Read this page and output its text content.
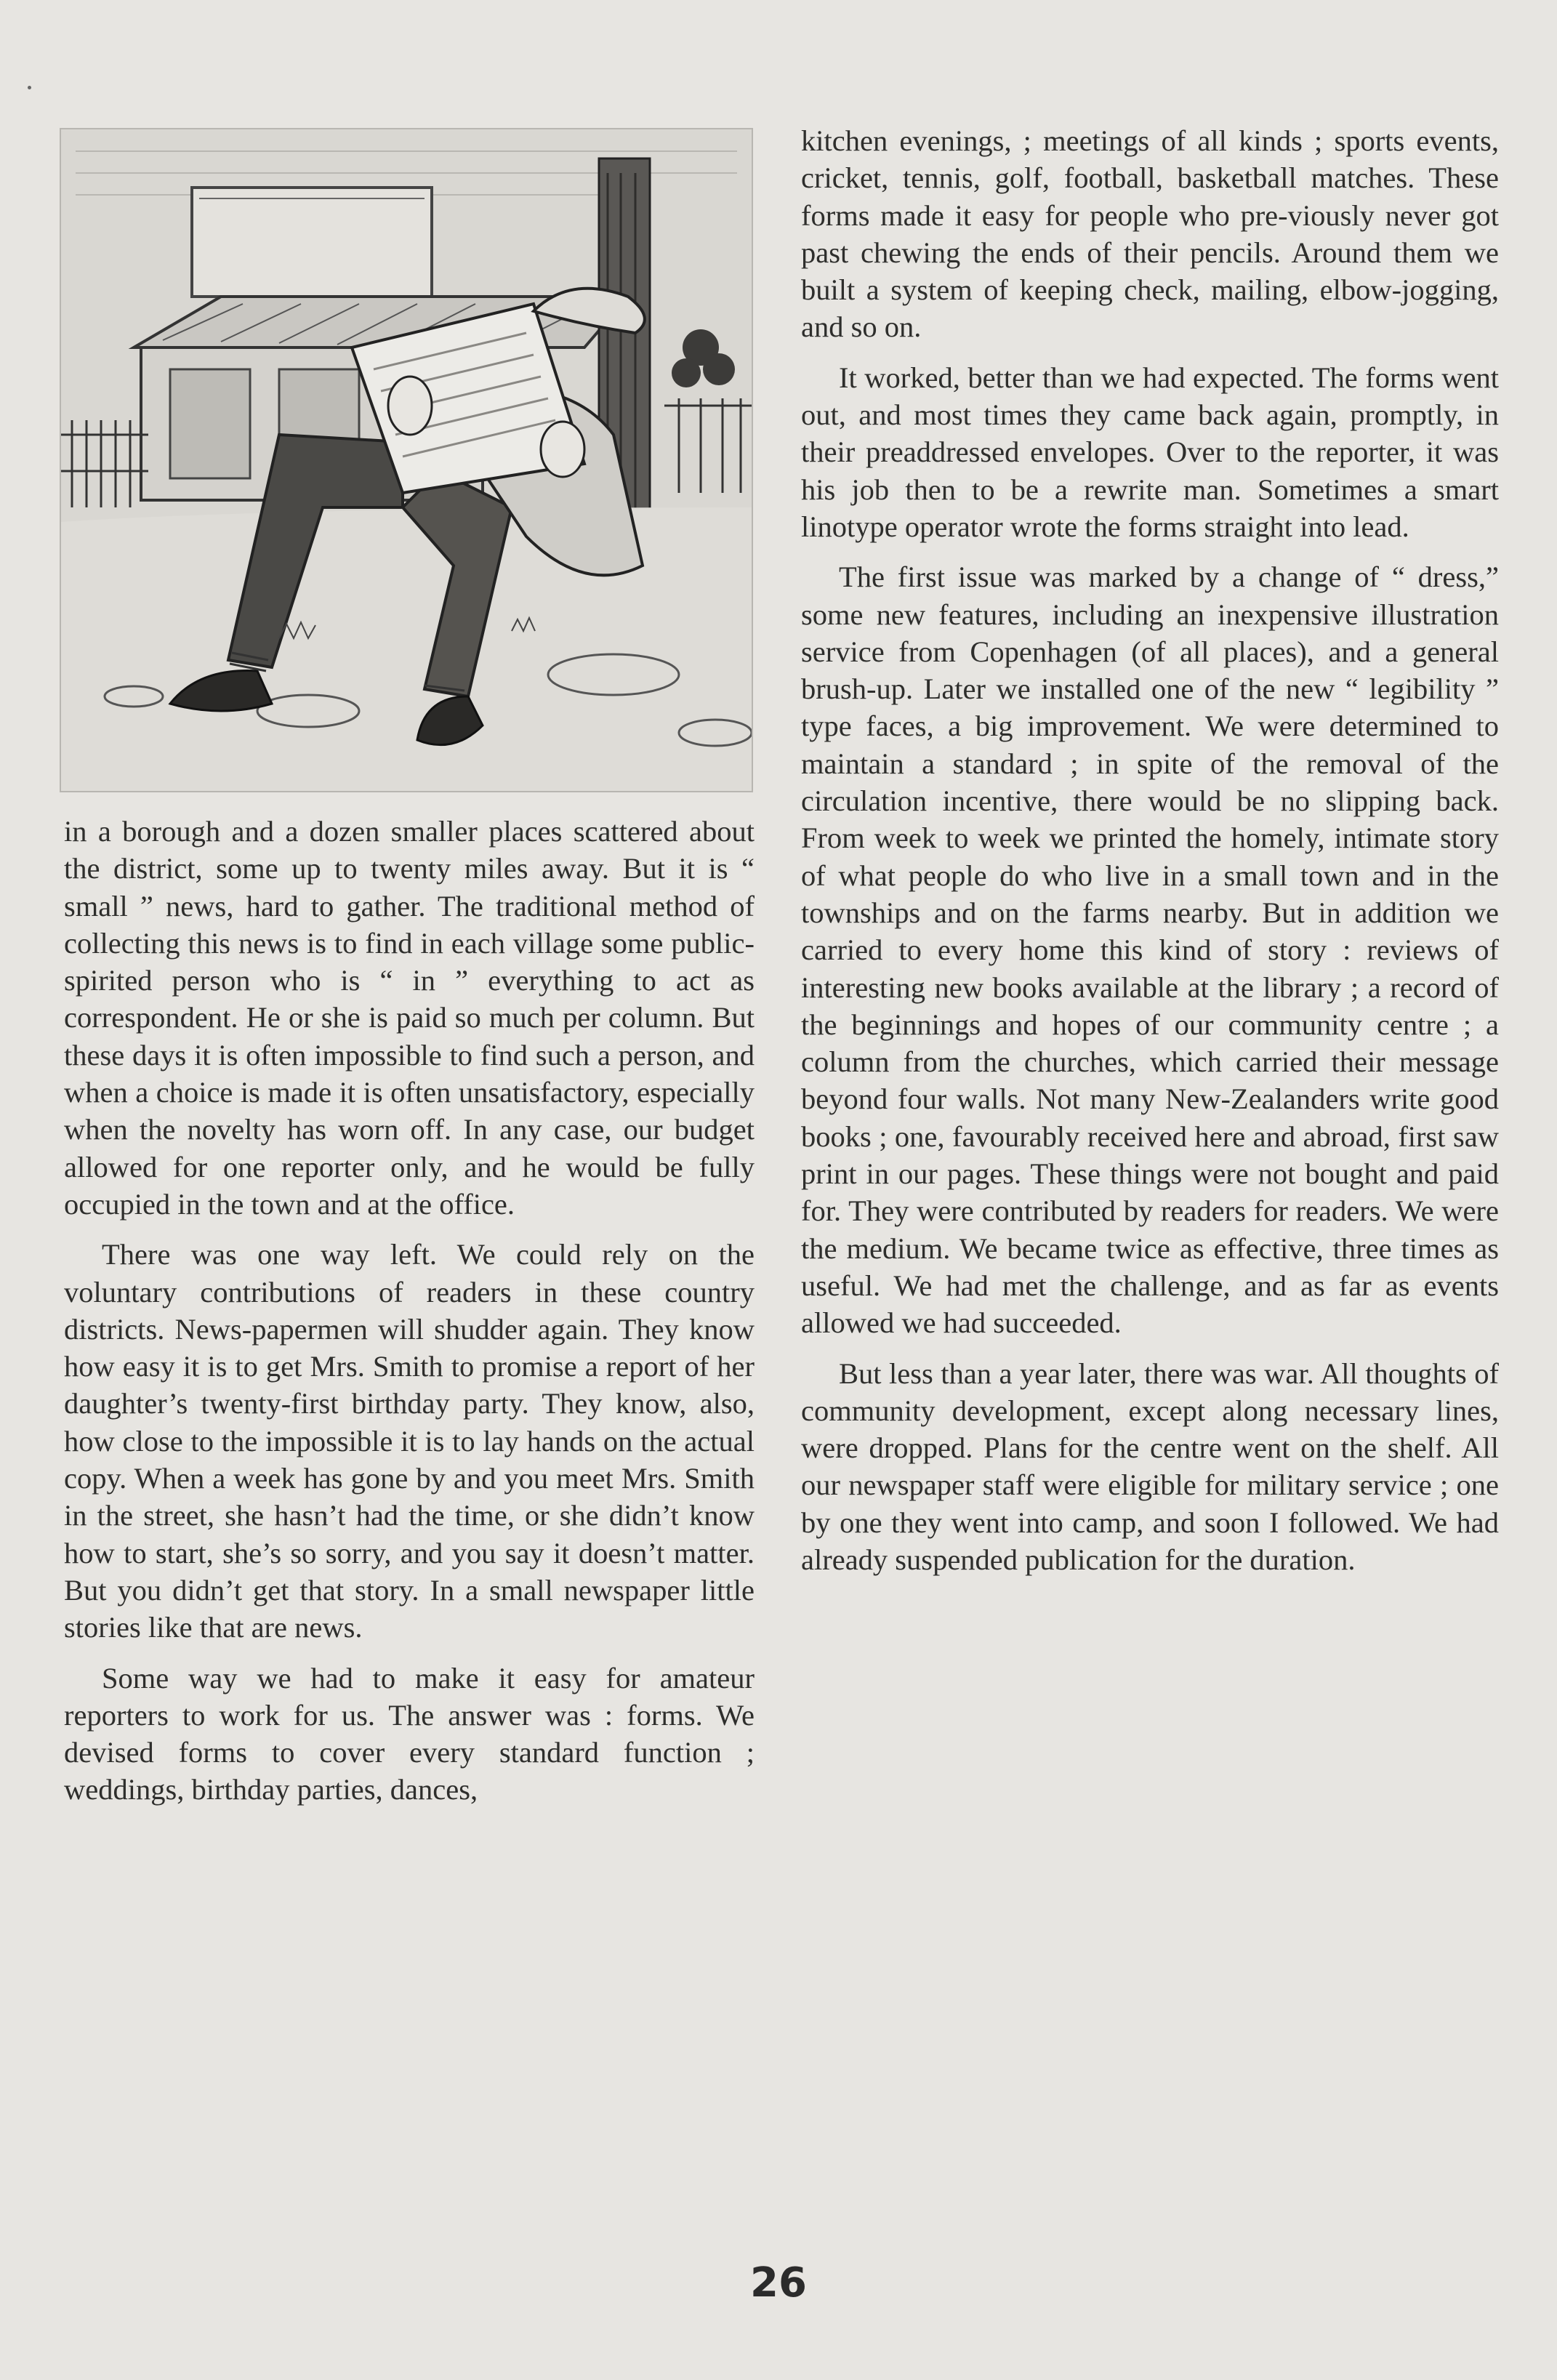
in a borough and a dozen smaller places scattered about the district, some up to twenty miles away. But it is “ small ” news, hard to gather. The traditional method of collecting this news is to find in each village some public-spirited person who is “ in ” everything to act as correspondent. He or she is paid so much per column. But these days it is often impossible to find such a person, and when a choice is made it is often unsatisfactory, especially when the novelty has worn off. In any case, our budget allowed for one reporter only, and he would be fully occupied in the town and at the office.

There was one way left. We could rely on the voluntary contributions of readers in these country districts. News-papermen will shudder again. They know how easy it is to get Mrs. Smith to promise a report of her daughter’s twenty-first birthday party. They know, also, how close to the impossible it is to lay hands on the actual copy. When a week has gone by and you meet Mrs. Smith in the street, she hasn’t had the time, or she didn’t know how to start, she’s so sorry, and you say it doesn’t matter. But you didn’t get that story. In a small newspaper little stories like that are news.

Some way we had to make it easy for amateur reporters to work for us. The answer was : forms. We devised forms to cover every standard function ; weddings, birthday parties, dances,

kitchen evenings, ; meetings of all kinds ; sports events, cricket, tennis, golf, football, basketball matches. These forms made it easy for people who pre-viously never got past chewing the ends of their pencils. Around them we built a system of keeping check, mailing, elbow-jogging, and so on.

It worked, better than we had expected. The forms went out, and most times they came back again, promptly, in their preaddressed envelopes. Over to the reporter, it was his job then to be a rewrite man. Sometimes a smart linotype operator wrote the forms straight into lead.

The first issue was marked by a change of “ dress,” some new features, including an inexpensive illustration service from Copenhagen (of all places), and a general brush-up. Later we installed one of the new “ legibility ” type faces, a big improvement. We were determined to maintain a standard ; in spite of the removal of the circulation incentive, there would be no slipping back. From week to week we printed the homely, intimate story of what people do who live in a small town and in the townships and on the farms nearby. But in addition we carried to every home this kind of story : reviews of interesting new books available at the library ; a record of the beginnings and hopes of our community centre ; a column from the churches, which carried their message beyond four walls. Not many New-Zealanders write good books ; one, favourably received here and abroad, first saw print in our pages. These things were not bought and paid for. They were contributed by readers for readers. We were the medium. We became twice as effective, three times as useful. We had met the challenge, and as far as events allowed we had succeeded.

But less than a year later, there was war. All thoughts of community development, except along necessary lines, were dropped. Plans for the centre went on the shelf. All our newspaper staff were eligible for military service ; one by one they went into camp, and soon I followed. We had already suspended publication for the duration.

26
